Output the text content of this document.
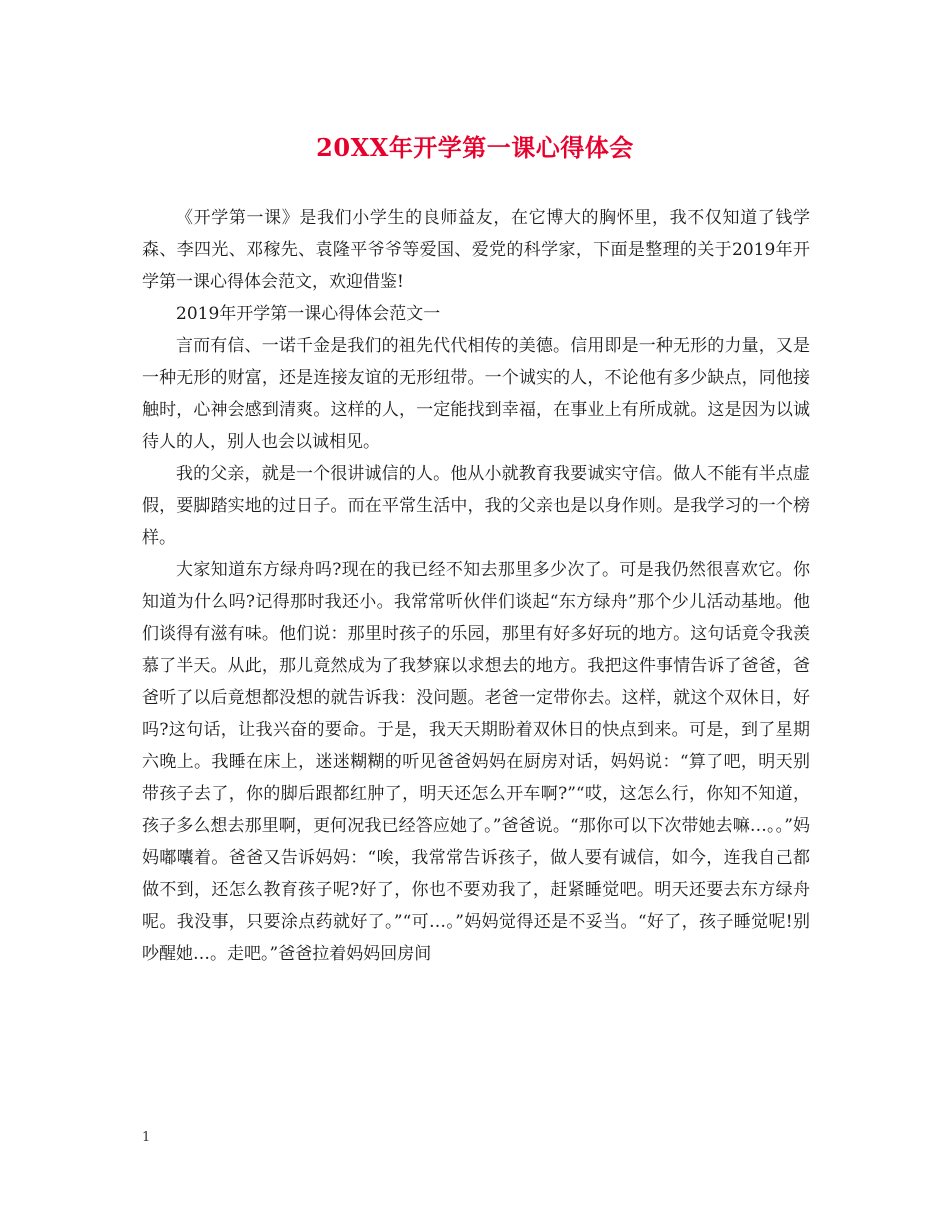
20XX年开学第一课心得体会

《开学第一课》是我们小学生的良师益友，在它博大的胸怀里，我不仅知道了钱学森、李四光、邓稼先、袁隆平爷爷等爱国、爱党的科学家，下面是整理的关于2019年开学第一课心得体会范文，欢迎借鉴!

2019年开学第一课心得体会范文一

言而有信、一诺千金是我们的祖先代代相传的美德。信用即是一种无形的力量，又是一种无形的财富，还是连接友谊的无形纽带。一个诚实的人，不论他有多少缺点，同他接触时，心神会感到清爽。这样的人，一定能找到幸福，在事业上有所成就。这是因为以诚待人的人，别人也会以诚相见。

我的父亲，就是一个很讲诚信的人。他从小就教育我要诚实守信。做人不能有半点虚假，要脚踏实地的过日子。而在平常生活中，我的父亲也是以身作则。是我学习的一个榜样。

大家知道东方绿舟吗?现在的我已经不知去那里多少次了。可是我仍然很喜欢它。你知道为什么吗?记得那时我还小。我常常听伙伴们谈起“东方绿舟”那个少儿活动基地。他们谈得有滋有味。他们说：那里时孩子的乐园，那里有好多好玩的地方。这句话竟令我羡慕了半天。从此，那儿竟然成为了我梦寐以求想去的地方。我把这件事情告诉了爸爸，爸爸听了以后竟想都没想的就告诉我：没问题。老爸一定带你去。这样，就这个双休日，好吗?这句话，让我兴奋的要命。于是，我天天期盼着双休日的快点到来。可是，到了星期六晚上。我睡在床上，迷迷糊糊的听见爸爸妈妈在厨房对话，妈妈说：“算了吧，明天别带孩子去了，你的脚后跟都红肿了，明天还怎么开车啊?”“哎，这怎么行，你知不知道，孩子多么想去那里啊，更何况我已经答应她了。”爸爸说。“那你可以下次带她去嘛…。。”妈妈嘟囔着。爸爸又告诉妈妈：“唉，我常常告诉孩子，做人要有诚信，如今，连我自己都做不到，还怎么教育孩子呢?好了，你也不要劝我了，赶紧睡觉吧。明天还要去东方绿舟呢。我没事，只要涂点药就好了。”“可…。”妈妈觉得还是不妥当。“好了，孩子睡觉呢!别吵醒她…。走吧。”爸爸拉着妈妈回房间

1
